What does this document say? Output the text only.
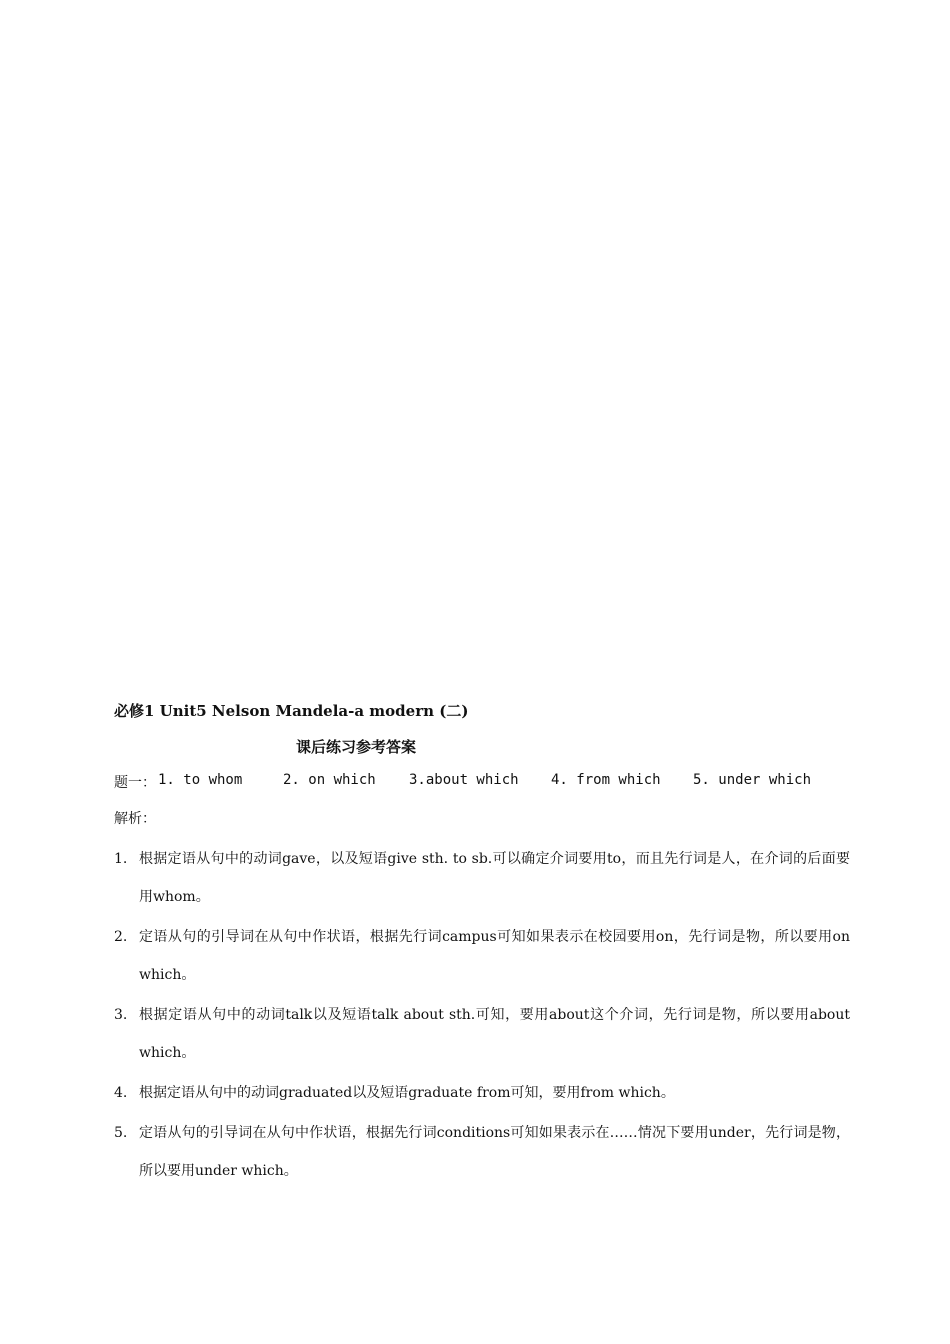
必修1 Unit5 Nelson Mandela-a modern (二)
课后练习参考答案
题一： 1. to whom	2. on which	3.about which	4. from which	5. under which
解析：
1. 根据定语从句中的动词gave，以及短语give sth. to sb.可以确定介词要用to，而且先行词是人，在介词的后面要用whom。
2. 定语从句的引导词在从句中作状语，根据先行词campus可知如果表示在校园要用on，先行词是物，所以要用on which。
3. 根据定语从句中的动词talk以及短语talk about sth.可知，要用about这个介词，先行词是物，所以要用about which。
4. 根据定语从句中的动词graduated以及短语graduate from可知，要用from which。
5. 定语从句的引导词在从句中作状语，根据先行词conditions可知如果表示在……情况下要用under，先行词是物，所以要用under which。
